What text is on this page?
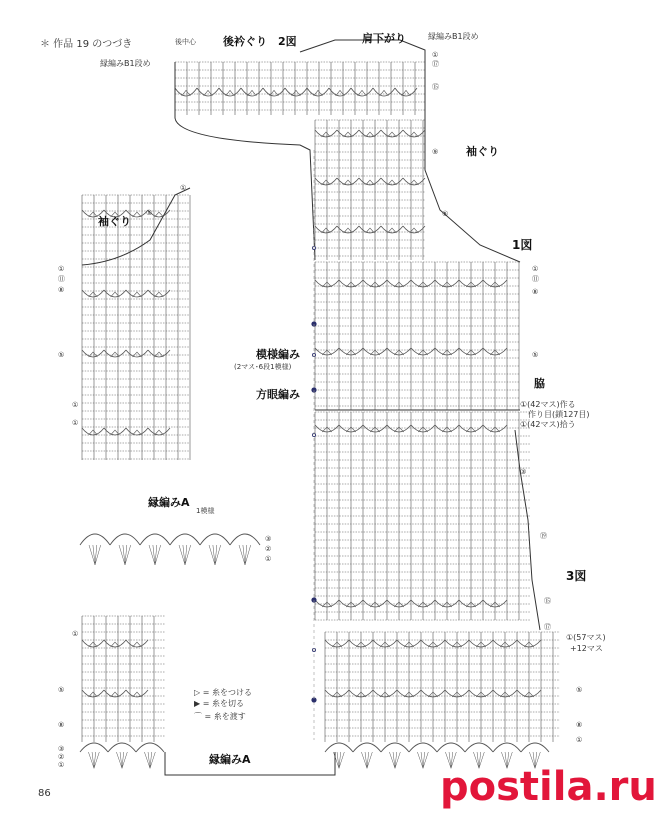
＊ 作品 19 のつづき	後中心 後衿ぐり 2図	肩下がり
縁編みB1段め
縁編みB1段め
袖ぐり
袖ぐり
1図
模様編み
(2マス･6段1模様)
方眼編み
脇
①(42マス)作る
作り目(鎖127目)
①(42マス)拾う
縁編みA
1模様
3図
①(57マス)
+12マス
▷ = 糸をつける
▶ = 糸を切る
⌒ = 糸を渡す
縁編みA
86
①
⑤
①
⑪
⑧
⑤
①
①
①
⑤
⑧
③
②
①
①
⑰
⑮
⑨
⑤
①
⑪
⑧
⑤
③
⑲
⑮
⑰
⑤
⑧
①
③
②
①
postila.ru
